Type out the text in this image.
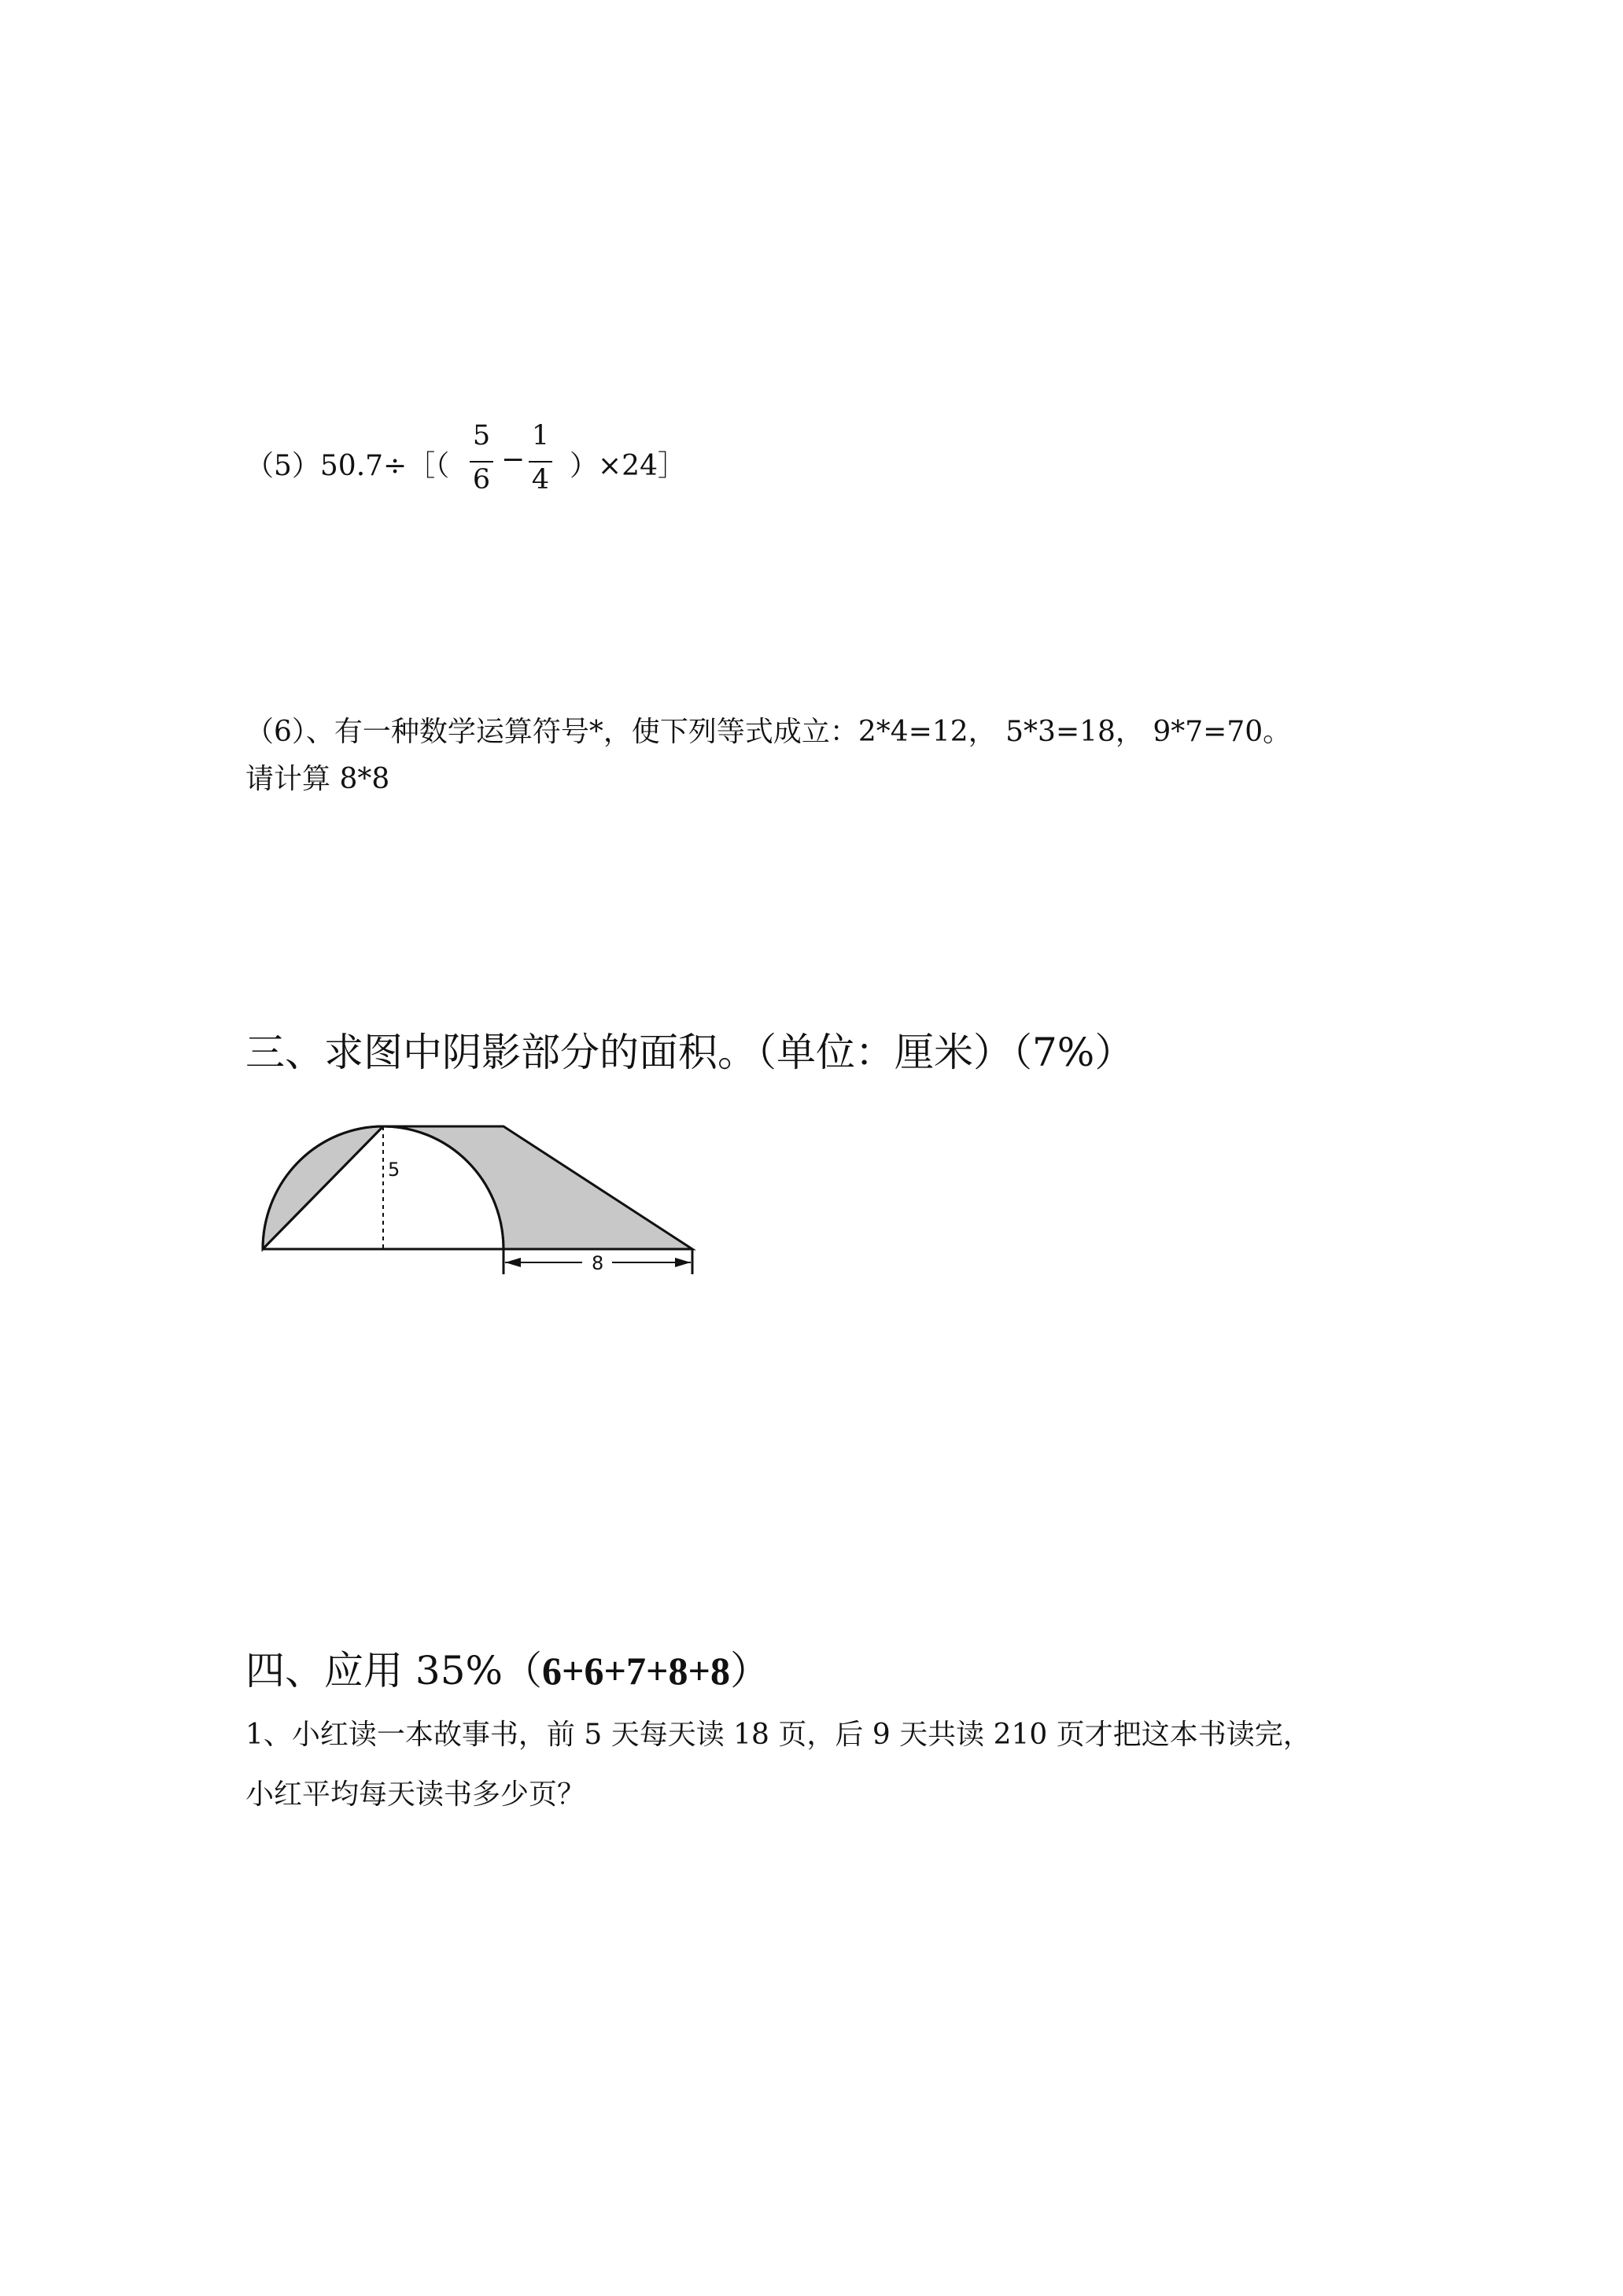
（5）50.7÷［（
5
6
−
1
4 ）×24］
（6）、有一种数学运算符号*，使下列等式成立：2*4=12， 5*3=18， 9*7=70。
请计算 8*8
三、求图中阴影部分的面积。（单位：厘米）（7%）
5
8
四、应用 35%（6+6+7+8+8）
1、小红读一本故事书，前 5 天每天读 18 页，后 9 天共读 210 页才把这本书读完，
小红平均每天读书多少页？
